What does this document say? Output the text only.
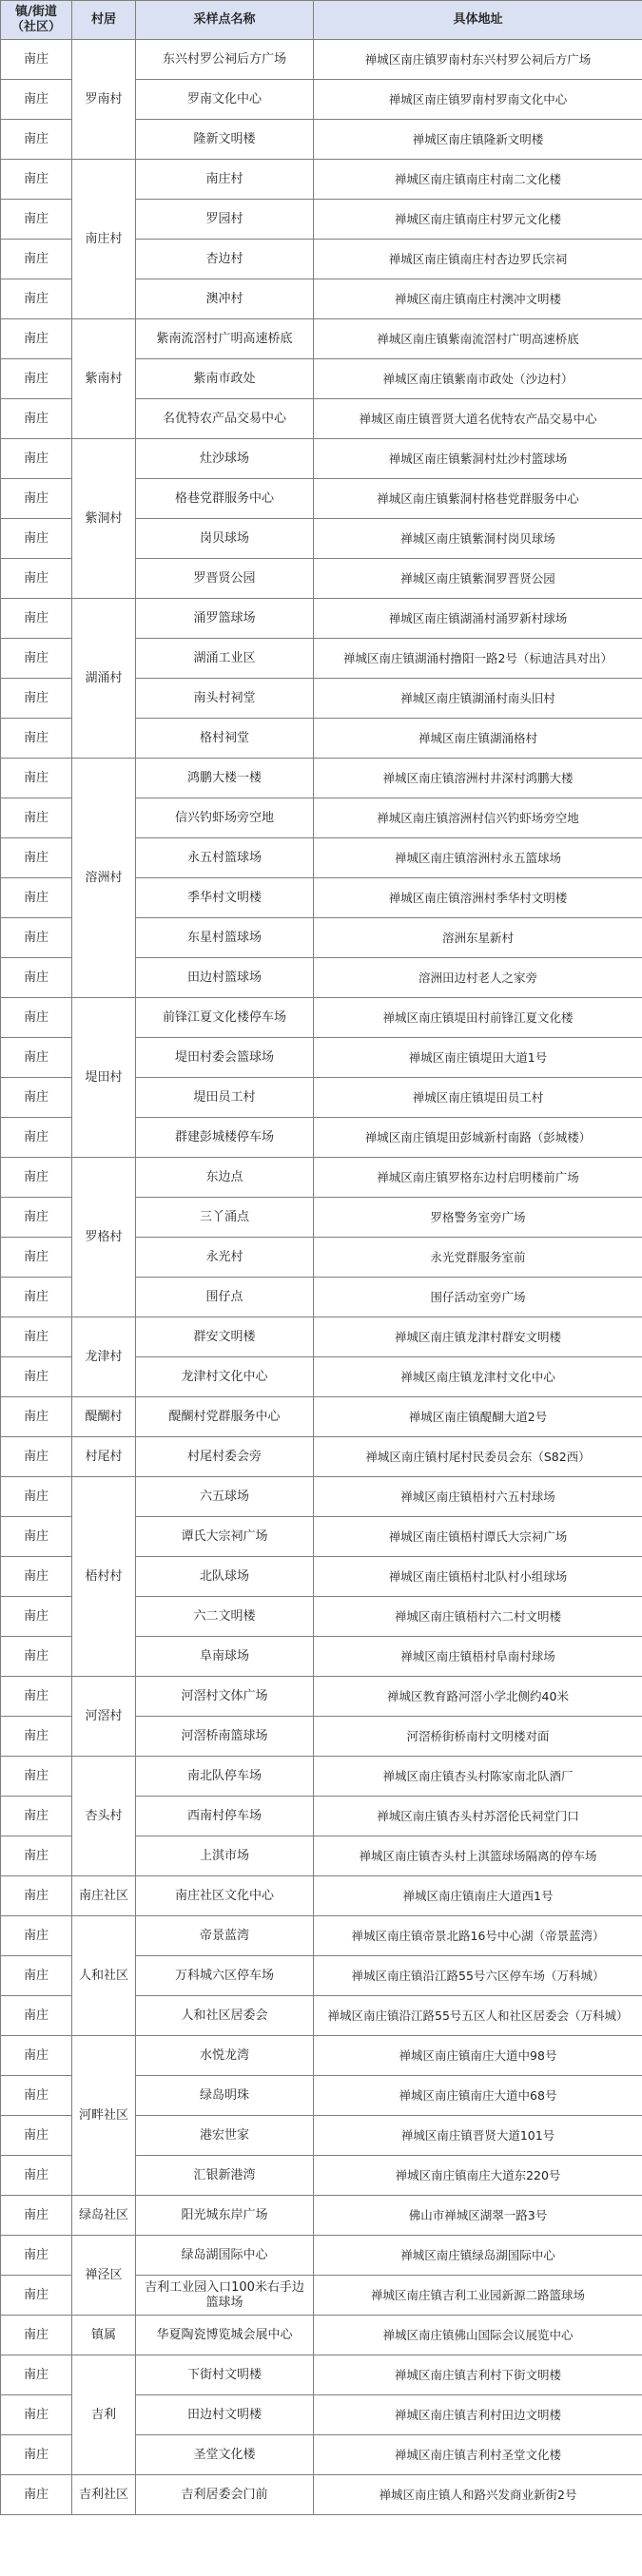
镇/街道
（社区）	村居	采样点名称	具体地址
南庄	罗南村	东兴村罗公祠后方广场	禅城区南庄镇罗南村东兴村罗公祠后方广场
南庄		罗南文化中心	禅城区南庄镇罗南村罗南文化中心
南庄		隆新文明楼	禅城区南庄镇隆新文明楼
南庄	南庄村	南庄村	禅城区南庄镇南庄村南二文化楼
南庄		罗园村	禅城区南庄镇南庄村罗元文化楼
南庄		杏边村	禅城区南庄镇南庄村杏边罗氏宗祠
南庄		澳冲村	禅城区南庄镇南庄村澳冲文明楼
南庄	紫南村	紫南流滘村广明高速桥底	禅城区南庄镇紫南流滘村广明高速桥底
南庄		紫南市政处	禅城区南庄镇紫南市政处（沙边村）
南庄		名优特农产品交易中心	禅城区南庄镇晋贤大道名优特农产品交易中心
南庄	紫洞村	灶沙球场	禅城区南庄镇紫洞村灶沙村篮球场
南庄		格巷党群服务中心	禅城区南庄镇紫洞村格巷党群服务中心
南庄		岗贝球场	禅城区南庄镇紫洞村岗贝球场
南庄		罗晋贤公园	禅城区南庄镇紫洞罗晋贤公园
南庄	湖涌村	涌罗篮球场	禅城区南庄镇湖涌村涌罗新村球场
南庄		湖涌工业区	禅城区南庄镇湖涌村撸阳一路2号（标迪洁具对出）
南庄		南头村祠堂	禅城区南庄镇湖涌村南头旧村
南庄		格村祠堂	禅城区南庄镇湖涌格村
南庄	溶洲村	鸿鹏大楼一楼	禅城区南庄镇溶洲村井深村鸿鹏大楼
南庄		信兴钓虾场旁空地	禅城区南庄镇溶洲村信兴钓虾场旁空地
南庄		永五村篮球场	禅城区南庄镇溶洲村永五篮球场
南庄		季华村文明楼	禅城区南庄镇溶洲村季华村文明楼
南庄		东星村篮球场	溶洲东星新村
南庄		田边村篮球场	溶洲田边村老人之家旁
南庄	堤田村	前锋江夏文化楼停车场	禅城区南庄镇堤田村前锋江夏文化楼
南庄		堤田村委会篮球场	禅城区南庄镇堤田大道1号
南庄		堤田员工村	禅城区南庄镇堤田员工村
南庄		群建彭城楼停车场	禅城区南庄镇堤田彭城新村南路（彭城楼）
南庄	罗格村	东边点	禅城区南庄镇罗格东边村启明楼前广场
南庄		三丫涌点	罗格警务室旁广场
南庄		永光村	永光党群服务室前
南庄		围仔点	围仔活动室旁广场
南庄	龙津村	群安文明楼	禅城区南庄镇龙津村群安文明楼
南庄		龙津村文化中心	禅城区南庄镇龙津村文化中心
南庄	醍醐村	醍醐村党群服务中心	禅城区南庄镇醍醐大道2号
南庄	村尾村	村尾村委会旁	禅城区南庄镇村尾村民委员会东（S82西）
南庄	梧村村	六五球场	禅城区南庄镇梧村六五村球场
南庄		谭氏大宗祠广场	禅城区南庄镇梧村谭氏大宗祠广场
南庄		北队球场	禅城区南庄镇梧村北队村小组球场
南庄		六二文明楼	禅城区南庄镇梧村六二村文明楼
南庄		阜南球场	禅城区南庄镇梧村阜南村球场
南庄	河滘村	河滘村文体广场	禅城区教育路河滘小学北侧约40米
南庄		河滘桥南篮球场	河滘桥街桥南村文明楼对面
南庄	杏头村	南北队停车场	禅城区南庄镇杏头村陈家南北队酒厂
南庄		西南村停车场	禅城区南庄镇杏头村苏滘伦氏祠堂门口
南庄		上淇市场	禅城区南庄镇杏头村上淇篮球场隔离的停车场
南庄	南庄社区	南庄社区文化中心	禅城区南庄镇南庄大道西1号
南庄	人和社区	帝景蓝湾	禅城区南庄镇帝景北路16号中心湖（帝景蓝湾）
南庄		万科城六区停车场	禅城区南庄镇沿江路55号六区停车场（万科城）
南庄		人和社区居委会	禅城区南庄镇沿江路55号五区人和社区居委会（万科城）
南庄	河畔社区	水悦龙湾	禅城区南庄镇南庄大道中98号
南庄		绿岛明珠	禅城区南庄镇南庄大道中68号
南庄		港宏世家	禅城区南庄镇晋贤大道101号
南庄		汇银新港湾	禅城区南庄镇南庄大道东220号
南庄	绿岛社区	阳光城东岸广场	佛山市禅城区湖翠一路3号
南庄	禅泾区	绿岛湖国际中心	禅城区南庄镇绿岛湖国际中心
南庄		吉利工业园入口100米右手边篮球场	禅城区南庄镇吉利工业园新源二路篮球场
南庄	镇属	华夏陶瓷博览城会展中心	禅城区南庄镇佛山国际会议展览中心
南庄	吉利	下街村文明楼	禅城区南庄镇吉利村下街文明楼
南庄		田边村文明楼	禅城区南庄镇吉利村田边文明楼
南庄		圣堂文化楼	禅城区南庄镇吉利村圣堂文化楼
南庄	吉利社区	吉利居委会门前	禅城区南庄镇人和路兴发商业新街2号
